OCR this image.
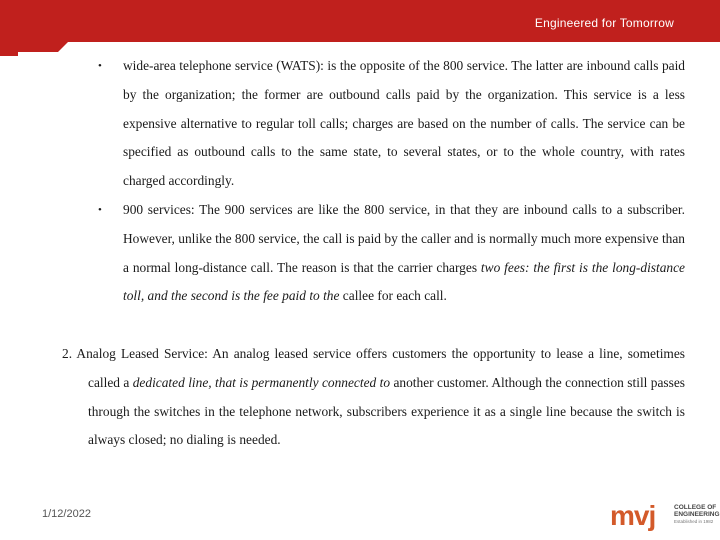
Engineered for Tomorrow
• wide-area telephone service (WATS): is the opposite of the 800 service. The latter are inbound calls paid by the organization; the former are outbound calls paid by the organization. This service is a less expensive alternative to regular toll calls; charges are based on the number of calls. The service can be specified as outbound calls to the same state, to several states, or to the whole country, with rates charged accordingly.
• 900 services: The 900 services are like the 800 service, in that they are inbound calls to a subscriber. However, unlike the 800 service, the call is paid by the caller and is normally much more expensive than a normal long-distance call. The reason is that the carrier charges two fees: the first is the long-distance toll, and the second is the fee paid to the callee for each call.
2. Analog Leased Service: An analog leased service offers customers the opportunity to lease a line, sometimes called a dedicated line, that is permanently connected to another customer. Although the connection still passes through the switches in the telephone network, subscribers experience it as a single line because the switch is always closed; no dialing is needed.
1/12/2022	mvj	COLLEGE OF
ENGINEERING
Established in 1982
